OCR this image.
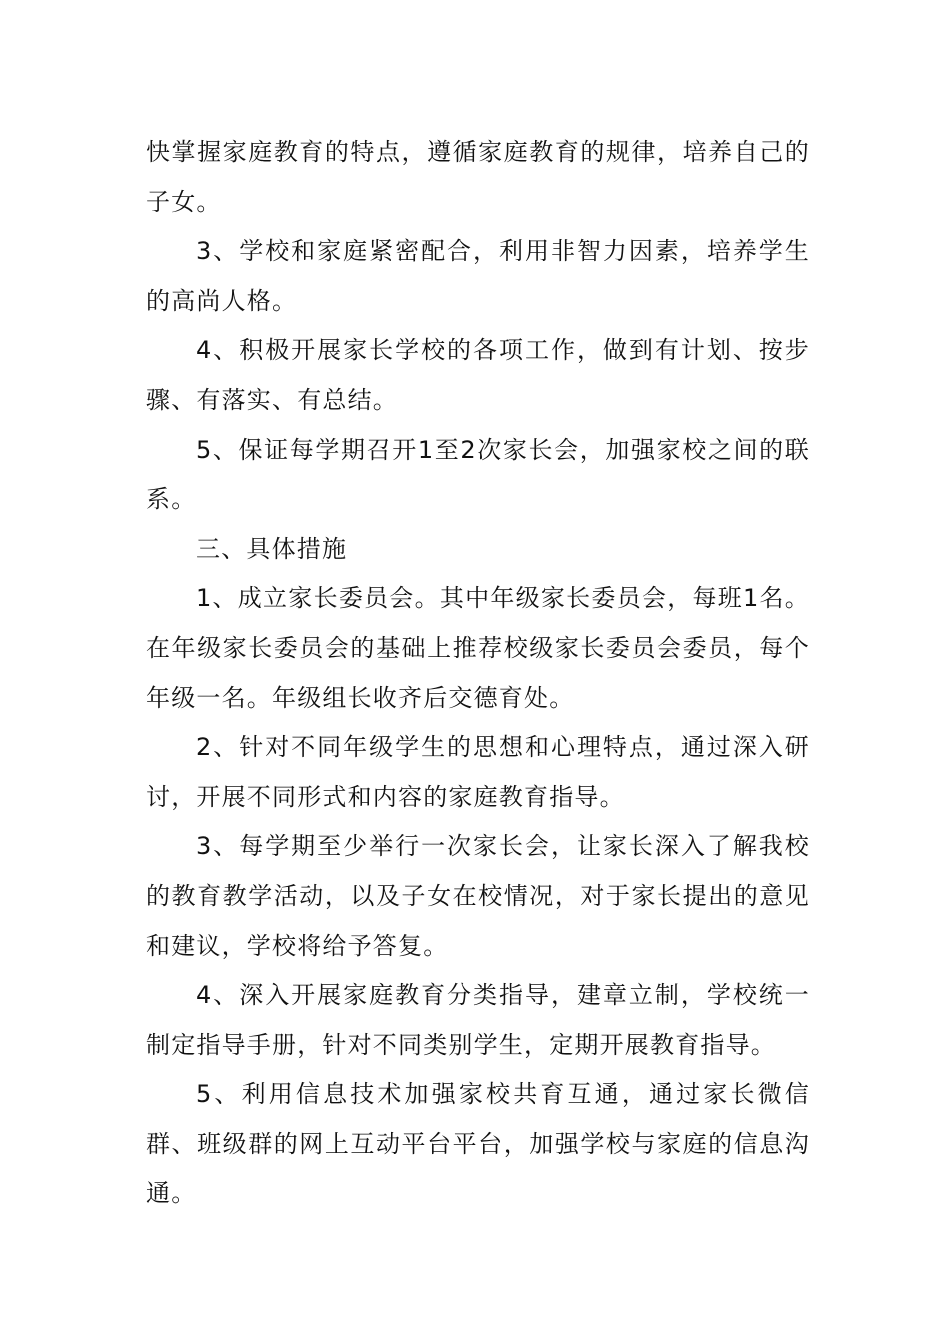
快掌握家庭教育的特点，遵循家庭教育的规律，培养自己的子女。

3、学校和家庭紧密配合，利用非智力因素，培养学生的高尚人格。

4、积极开展家长学校的各项工作，做到有计划、按步骤、有落实、有总结。

5、保证每学期召开1至2次家长会，加强家校之间的联系。

三、具体措施

1、成立家长委员会。其中年级家长委员会，每班1名。在年级家长委员会的基础上推荐校级家长委员会委员，每个年级一名。年级组长收齐后交德育处。

2、针对不同年级学生的思想和心理特点，通过深入研讨，开展不同形式和内容的家庭教育指导。

3、每学期至少举行一次家长会，让家长深入了解我校的教育教学活动，以及子女在校情况，对于家长提出的意见和建议，学校将给予答复。

4、深入开展家庭教育分类指导，建章立制，学校统一制定指导手册，针对不同类别学生，定期开展教育指导。

5、利用信息技术加强家校共育互通，通过家长微信群、班级群的网上互动平台平台，加强学校与家庭的信息沟通。
